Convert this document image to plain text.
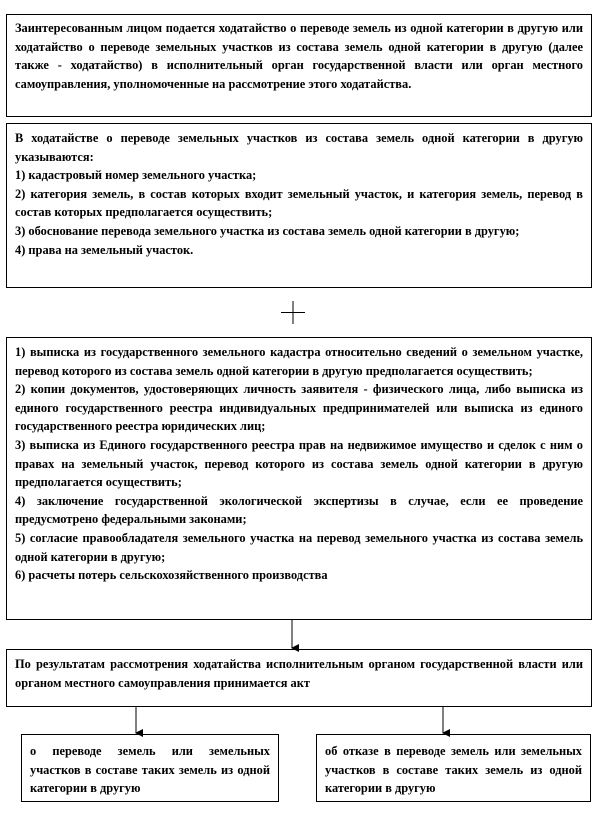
Заинтересованным лицом подается ходатайство о переводе земель из одной категории в другую или ходатайство о переводе земельных участков из состава земель одной категории в другую (далее также - ходатайство) в исполнительный орган государственной власти или орган местного самоуправления, уполномоченные на рассмотрение этого ходатайства.

В ходатайстве о переводе земельных участков из состава земель одной категории в другую указываются:

1) кадастровый номер земельного участка;
2) категория земель, в состав которых входит земельный участок, и категория земель, перевод в состав которых предполагается осуществить;
3) обоснование перевода земельного участка из состава земель одной категории в другую;
4) права на земельный участок.
1) выписка из государственного земельного кадастра относительно сведений о земельном участке, перевод которого из состава земель одной категории в другую предполагается осуществить;
2) копии документов, удостоверяющих личность заявителя - физического лица, либо выписка из единого государственного реестра индивидуальных предпринимателей или выписка из единого государственного реестра юридических лиц;
3) выписка из Единого государственного реестра прав на недвижимое имущество и сделок с ним о правах на земельный участок, перевод которого из состава земель одной категории в другую предполагается осуществить;
4) заключение государственной экологической экспертизы в случае, если ее проведение предусмотрено федеральными законами;
5) согласие правообладателя земельного участка на перевод земельного участка из состава земель одной категории в другую;
6) расчеты потерь сельскохозяйственного производства

По результатам рассмотрения ходатайства исполнительным органом государственной власти или органом местного самоуправления принимается акт

о переводе земель или земельных участков в составе таких земель из одной категории в другую

об отказе в переводе земель или земельных участков в составе таких земель из одной категории в другую
